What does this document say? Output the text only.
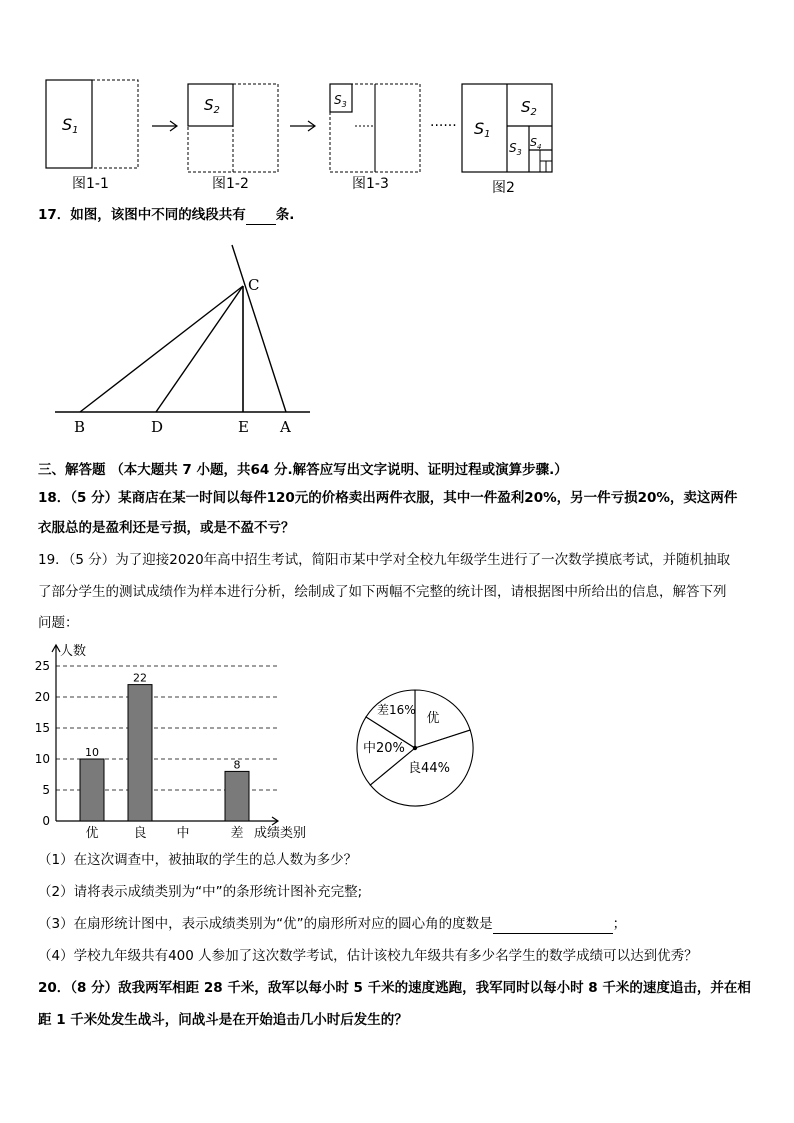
S1
图1-1
$S_2$
图1-2
$S_3$
图1-3
······ S1
$S_2$
$S_3$
$S_4$
图2
17．如图，该图中不同的线段共有 条.
C
B	D	E A
三、解答题 （本大题共 7 小题，共64 分.解答应写出文字说明、证明过程或演算步骤.）
18．（5 分）某商店在某一时间以每件120元的价格卖出两件衣服，其中一件盈利20%，另一件亏损20%，卖这两件
衣服总的是盈利还是亏损，或是不盈不亏？
19．（5 分）为了迎接2020年高中招生考试，简阳市某中学对全校九年级学生进行了一次数学摸底考试，并随机抽取
了部分学生的测试成绩作为样本进行分析，绘制成了如下两幅不完整的统计图，请根据图中所给出的信息，解答下列
问题：
0
5
10
15
20
25
人数
成绩类别
优
10
良
22
中	差
8
优
良44%
中20%
差16%
（1）在这次调查中，被抽取的学生的总人数为多少？
（2）请将表示成绩类别为“中”的条形统计图补充完整;
（3）在扇形统计图中，表示成绩类别为“优”的扇形所对应的圆心角的度数是	；
（4）学校九年级共有400 人参加了这次数学考试，估计该校九年级共有多少名学生的数学成绩可以达到优秀？
20．（8 分）敌我两军相距 28 千米，敌军以每小时 5 千米的速度逃跑，我军同时以每小时 8 千米的速度追击，并在相
距 1 千米处发生战斗，问战斗是在开始追击几小时后发生的？
